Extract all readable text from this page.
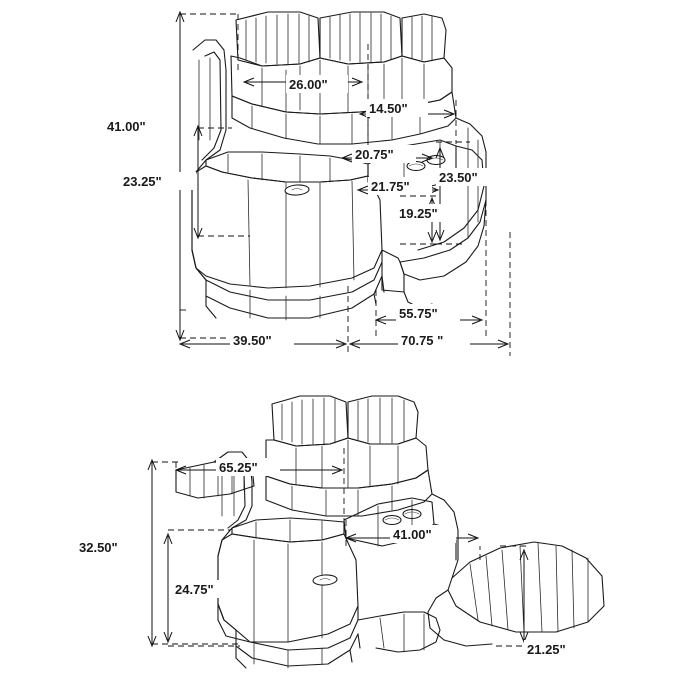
41.00"
23.25"
26.00"
14.50"
20.75"
21.75"
23.50"
19.25"
55.75"
39.50"	70.75 "
32.50"
24.75"
65.25"
41.00"
21.25"
